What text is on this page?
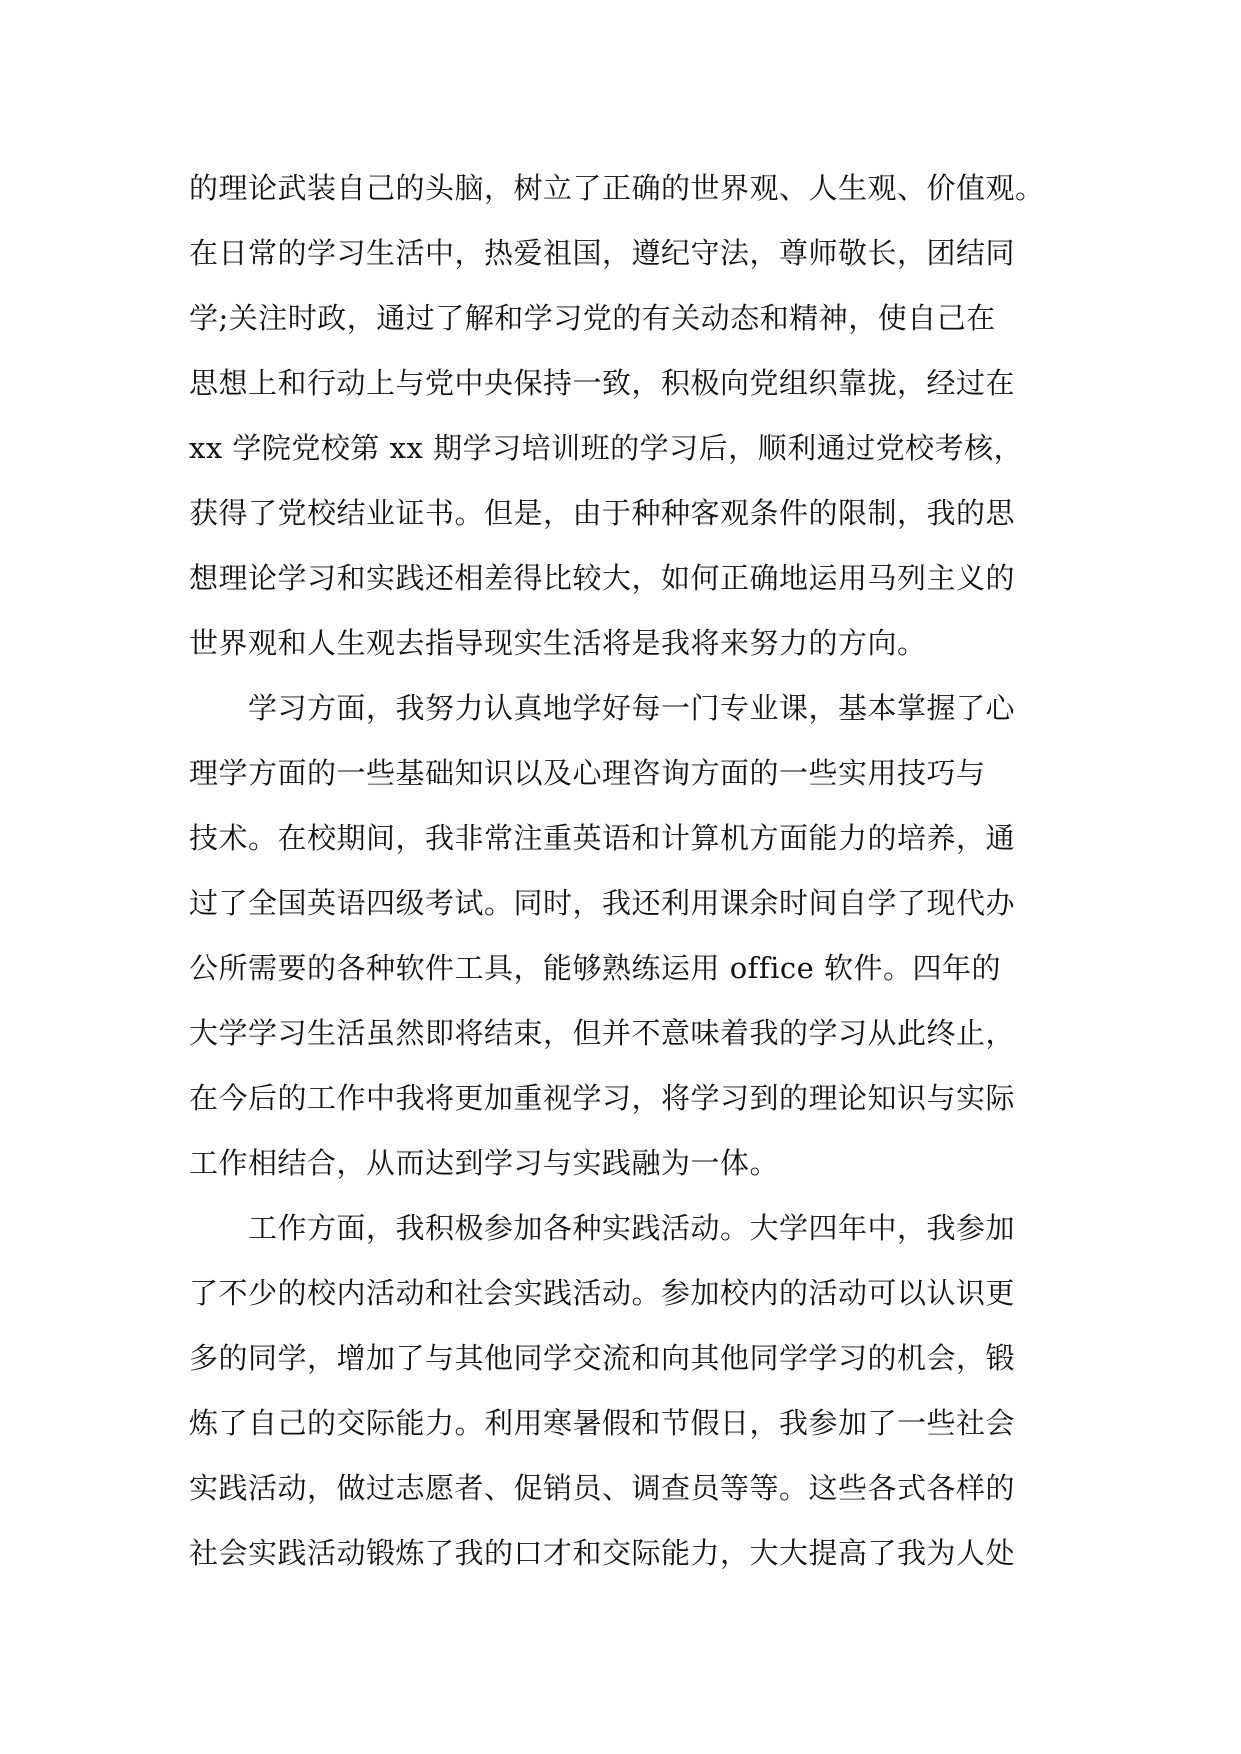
的理论武装自己的头脑，树立了正确的世界观、人生观、价值观。
在日常的学习生活中，热爱祖国，遵纪守法，尊师敬长，团结同
学;关注时政，通过了解和学习党的有关动态和精神，使自己在
思想上和行动上与党中央保持一致，积极向党组织靠拢，经过在
xx 学院党校第 xx 期学习培训班的学习后，顺利通过党校考核，
获得了党校结业证书。但是，由于种种客观条件的限制，我的思
想理论学习和实践还相差得比较大，如何正确地运用马列主义的
世界观和人生观去指导现实生活将是我将来努力的方向。
　　学习方面，我努力认真地学好每一门专业课，基本掌握了心
理学方面的一些基础知识以及心理咨询方面的一些实用技巧与
技术。在校期间，我非常注重英语和计算机方面能力的培养，通
过了全国英语四级考试。同时，我还利用课余时间自学了现代办
公所需要的各种软件工具，能够熟练运用 office 软件。四年的
大学学习生活虽然即将结束，但并不意味着我的学习从此终止，
在今后的工作中我将更加重视学习，将学习到的理论知识与实际
工作相结合，从而达到学习与实践融为一体。
　　工作方面，我积极参加各种实践活动。大学四年中，我参加
了不少的校内活动和社会实践活动。参加校内的活动可以认识更
多的同学，增加了与其他同学交流和向其他同学学习的机会，锻
炼了自己的交际能力。利用寒暑假和节假日，我参加了一些社会
实践活动，做过志愿者、促销员、调查员等等。这些各式各样的
社会实践活动锻炼了我的口才和交际能力，大大提高了我为人处
